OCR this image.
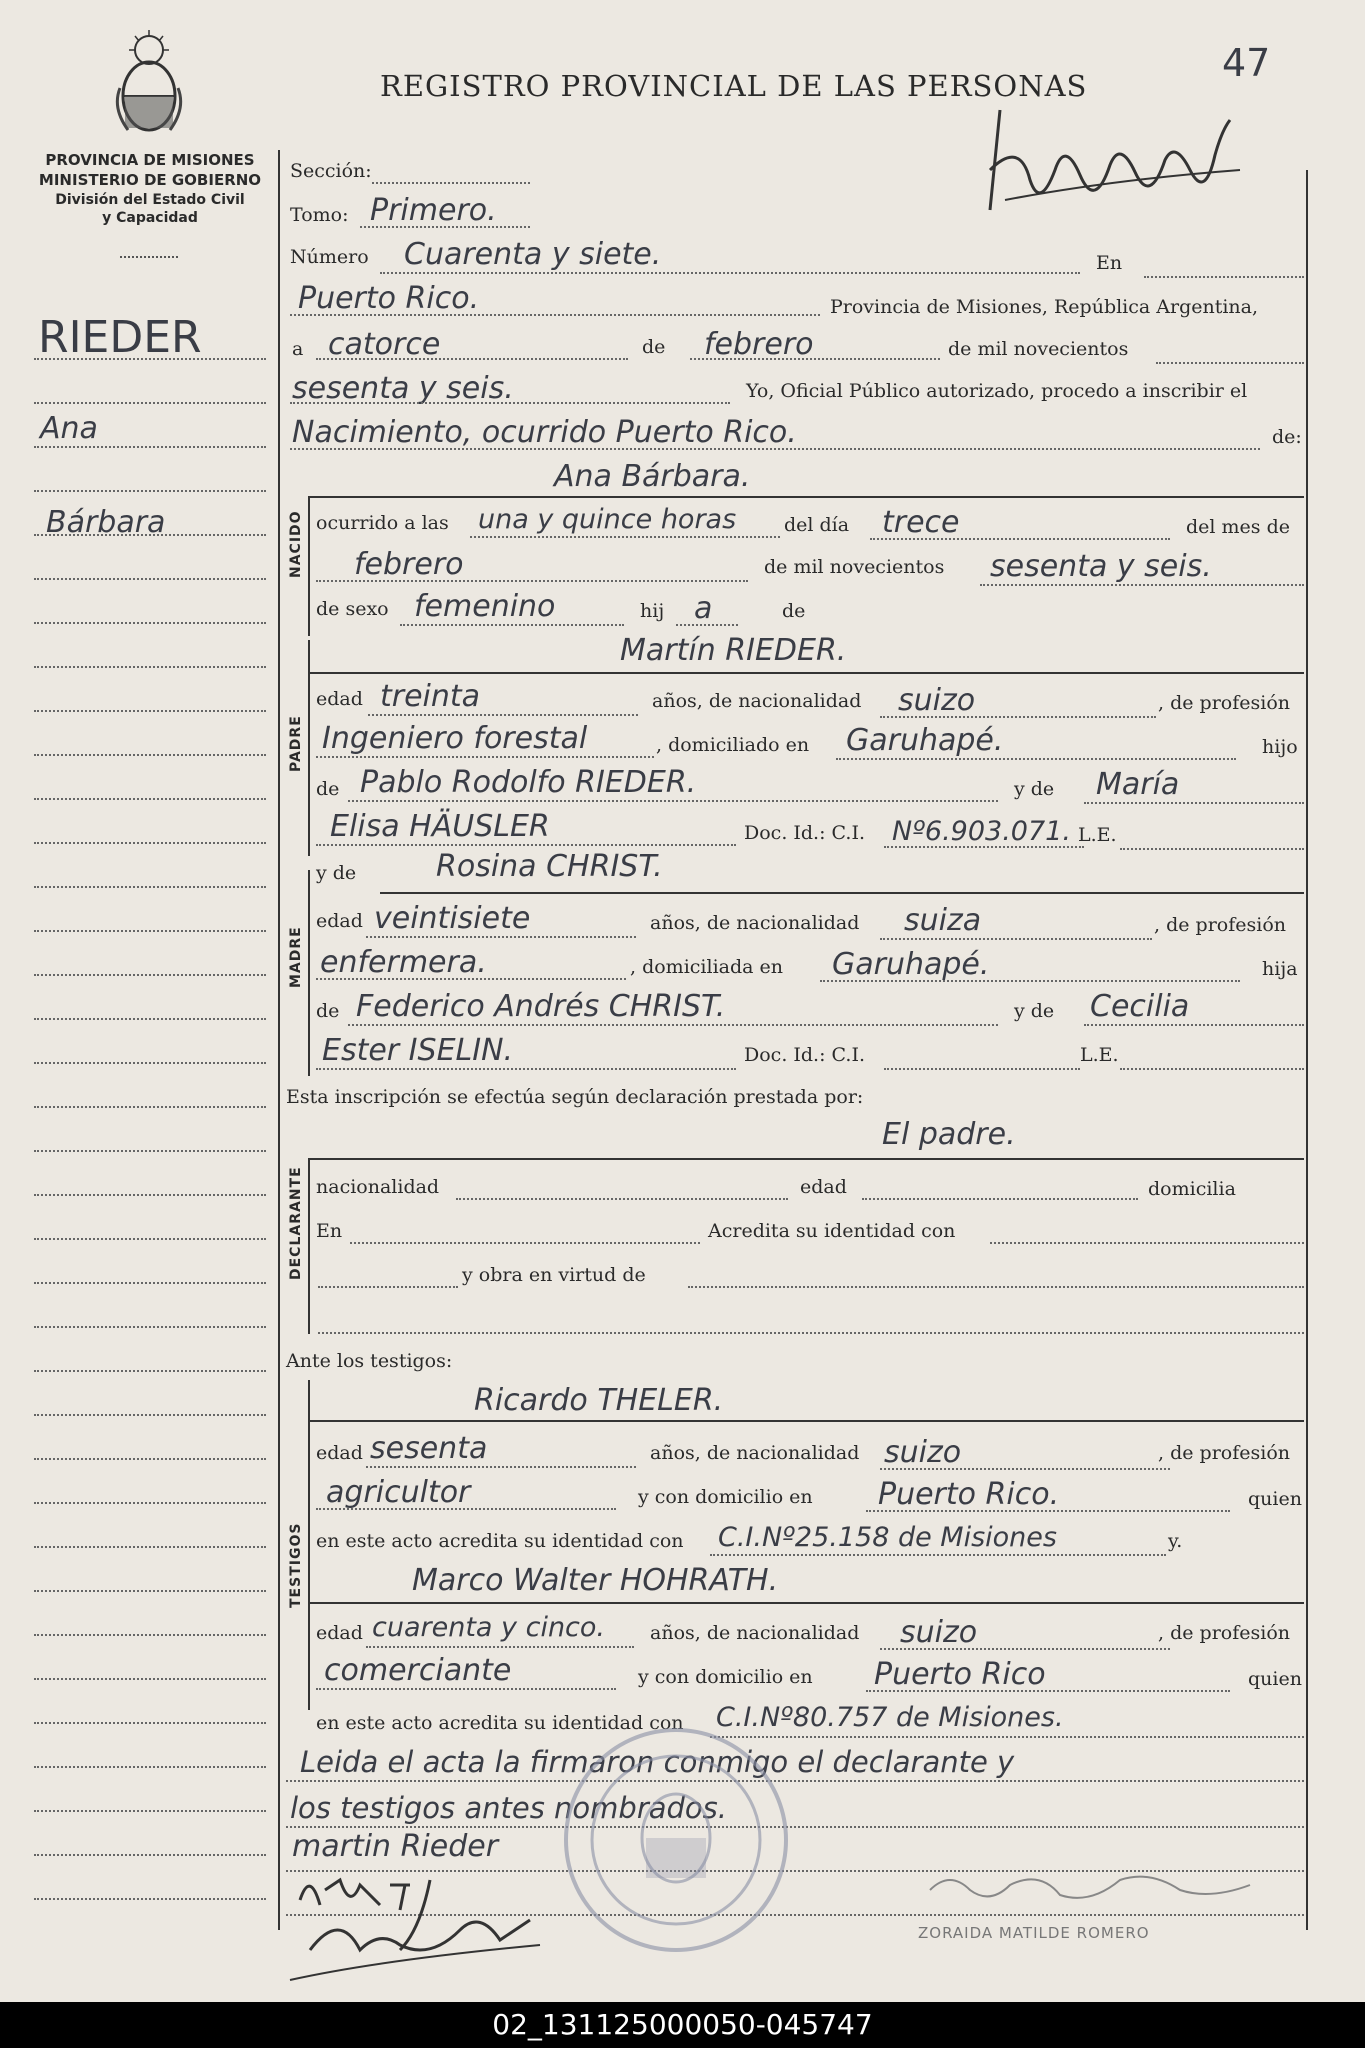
REGISTRO PROVINCIAL DE LAS PERSONAS
47
PROVINCIA DE MISIONES
MINISTERIO DE GOBIERNO
División del Estado Civil
y Capacidad
RIEDER
Ana
Bárbara
Sección:
Tomo: Primero.
Número Cuarenta y siete.	En
Puerto Rico.	Provincia de Misiones, República Argentina,
a catorce	de febrero	de mil novecientos
sesenta y seis.	Yo, Oficial Público autorizado, procedo a inscribir el
Nacimiento, ocurrido Puerto Rico.	de:
Ana Bárbara.
NACIDO ocurrido a las una y quince horas	del día trece	del mes de
febrero	de mil novecientos sesenta y seis.
de sexo femenino	hij a	de
Martín RIEDER.
PADRE
edad treinta	años, de nacionalidad suizo	, de profesión
Ingeniero forestal	, domiciliado en Garuhapé.	hijo
de Pablo Rodolfo RIEDER.	y de María
Elisa HÄUSLER	Doc. Id.: C.I. Nº6.903.071. L.E.
y de	Rosina CHRIST.
MADRE
edad veintisiete	años, de nacionalidad suiza	, de profesión
enfermera.	, domiciliada en Garuhapé.	hija
de Federico Andrés CHRIST.	y de Cecilia
Ester ISELIN.	Doc. Id.: C.I.	L.E.
Esta inscripción se efectúa según declaración prestada por:
El padre.
DECLARANTE nacionalidad	edad	domicilia
En	Acredita su identidad con
y obra en virtud de
Ante los testigos:
Ricardo THELER.
TESTIGOS
edad sesenta	años, de nacionalidad suizo	, de profesión
agricultor	y con domicilio en Puerto Rico.	quien
en este acto acredita su identidad con C.I.Nº25.158 de Misiones	y.
Marco Walter HOHRATH.
edad cuarenta y cinco. años, de nacionalidad suizo	, de profesión
comerciante	y con domicilio en Puerto Rico	quien
en este acto acredita su identidad con C.I.Nº80.757 de Misiones.
Leida el acta la firmaron conmigo el declarante y
los testigos antes nombrados.
martin Rieder
ZORAIDA MATILDE ROMERO
02_131125000050-045747
